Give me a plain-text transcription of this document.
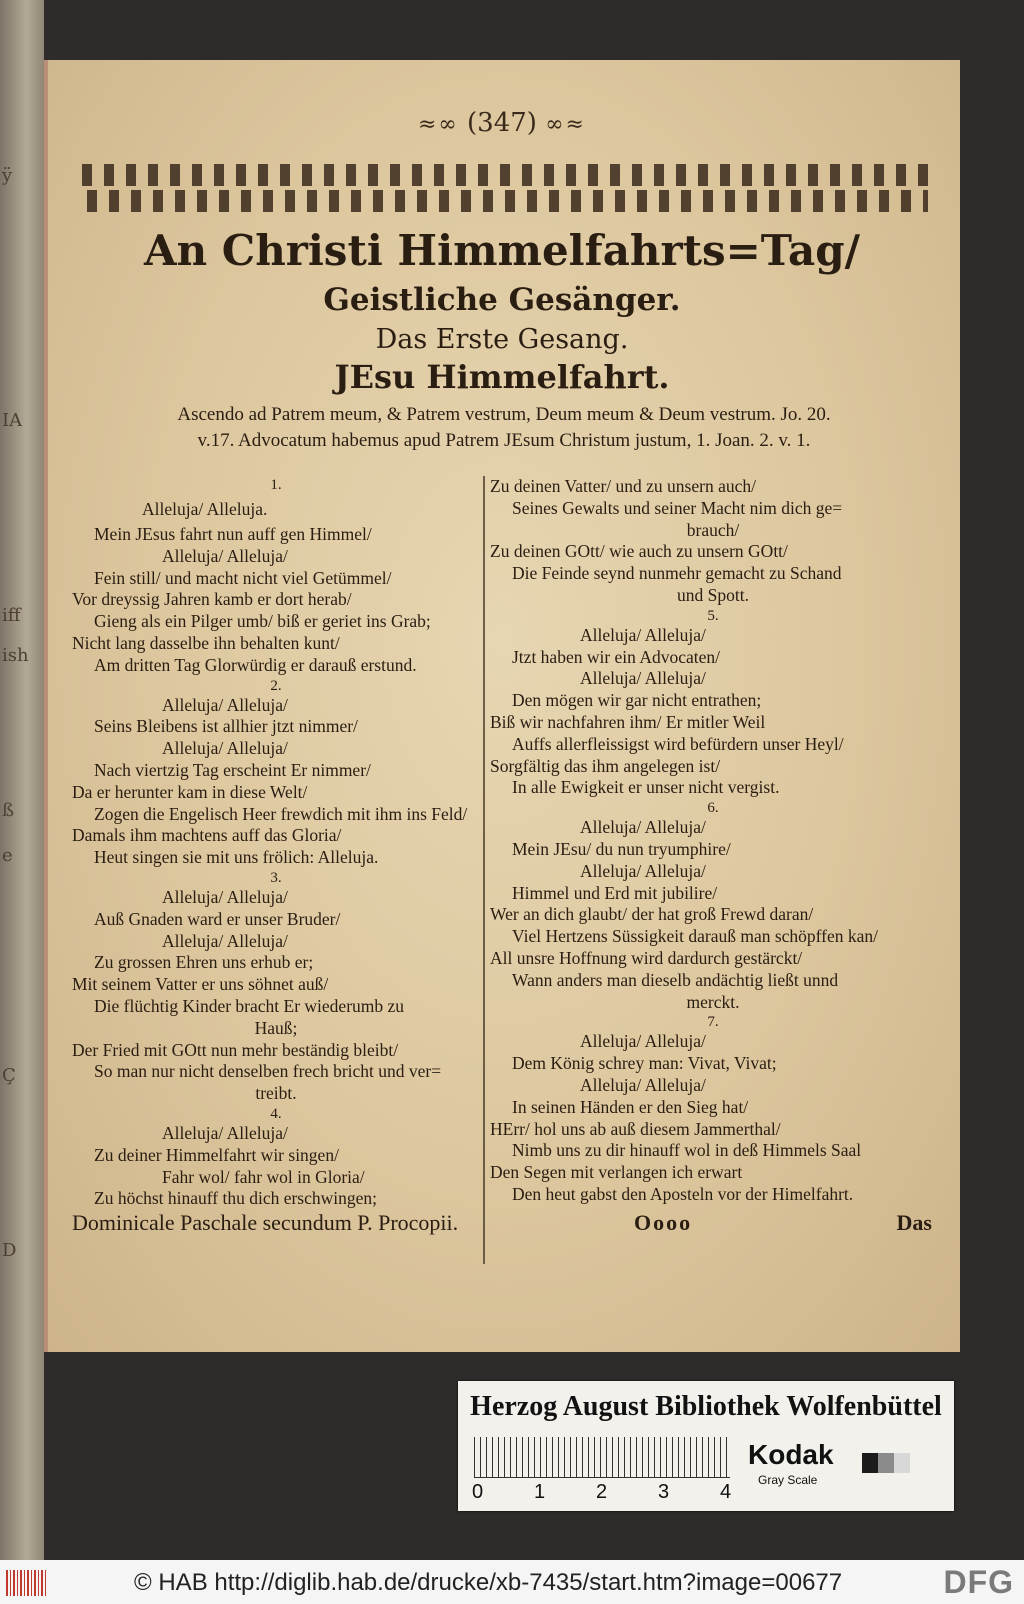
ÿ
IA
iff
ish
ß
e
Ç
D
≈∞ (347) ∞≈
An Christi Himmelfahrts=Tag/
Geistliche Gesänger.
Das Erste Gesang.
JEsu Himmelfahrt.
Ascendo ad Patrem meum, & Patrem vestrum, Deum meum & Deum vestrum. Jo. 20.
v.17. Advocatum habemus apud Patrem JEsum Christum justum, 1. Joan. 2. v. 1.
1.
Alleluja/ Alleluja.
Mein JEsus fahrt nun auff gen Himmel/
Alleluja/ Alleluja/
Fein still/ und macht nicht viel Getümmel/
Vor dreyssig Jahren kamb er dort herab/
Gieng als ein Pilger umb/ biß er geriet ins Grab;
Nicht lang dasselbe ihn behalten kunt/
Am dritten Tag Glorwürdig er darauß erstund.
2.
Alleluja/ Alleluja/
Seins Bleibens ist allhier jtzt nimmer/
Alleluja/ Alleluja/
Nach viertzig Tag erscheint Er nimmer/
Da er herunter kam in diese Welt/
Zogen die Engelisch Heer frewdich mit ihm ins Feld/
Damals ihm machtens auff das Gloria/
Heut singen sie mit uns frölich: Alleluja.
3.
Alleluja/ Alleluja/
Auß Gnaden ward er unser Bruder/
Alleluja/ Alleluja/
Zu grossen Ehren uns erhub er;
Mit seinem Vatter er uns söhnet auß/
Die flüchtig Kinder bracht Er wiederumb zu
Hauß;
Der Fried mit GOtt nun mehr beständig bleibt/
So man nur nicht denselben frech bricht und ver=
treibt.
4.
Alleluja/ Alleluja/
Zu deiner Himmelfahrt wir singen/
Fahr wol/ fahr wol in Gloria/
Zu höchst hinauff thu dich erschwingen;
Zu deinen Vatter/ und zu unsern auch/
Seines Gewalts und seiner Macht nim dich ge=
brauch/
Zu deinen GOtt/ wie auch zu unsern GOtt/
Die Feinde seynd nunmehr gemacht zu Schand
und Spott.
5.
Alleluja/ Alleluja/
Jtzt haben wir ein Advocaten/
Alleluja/ Alleluja/
Den mögen wir gar nicht entrathen;
Biß wir nachfahren ihm/ Er mitler Weil
Auffs allerfleissigst wird befürdern unser Heyl/
Sorgfältig das ihm angelegen ist/
In alle Ewigkeit er unser nicht vergist.
6.
Alleluja/ Alleluja/
Mein JEsu/ du nun tryumphire/
Alleluja/ Alleluja/
Himmel und Erd mit jubilire/
Wer an dich glaubt/ der hat groß Frewd daran/
Viel Hertzens Süssigkeit darauß man schöpffen kan/
All unsre Hoffnung wird dardurch gestärckt/
Wann anders man dieselb andächtig ließt unnd
merckt.
7.
Alleluja/ Alleluja/
Dem König schrey man: Vivat, Vivat;
Alleluja/ Alleluja/
In seinen Händen er den Sieg hat/
HErr/ hol uns ab auß diesem Jammerthal/
Nimb uns zu dir hinauff wol in deß Himmels Saal
Den Segen mit verlangen ich erwart
Den heut gabst den Aposteln vor der Himelfahrt.
Dominicale Paschale secundum P. Procopii.	Oooo	Das
Herzog August Bibliothek Wolfenbüttel
0	1	2	3	4
Kodak
Gray Scale
© HAB http://diglib.hab.de/drucke/xb-7435/start.htm?image=00677	DFG
